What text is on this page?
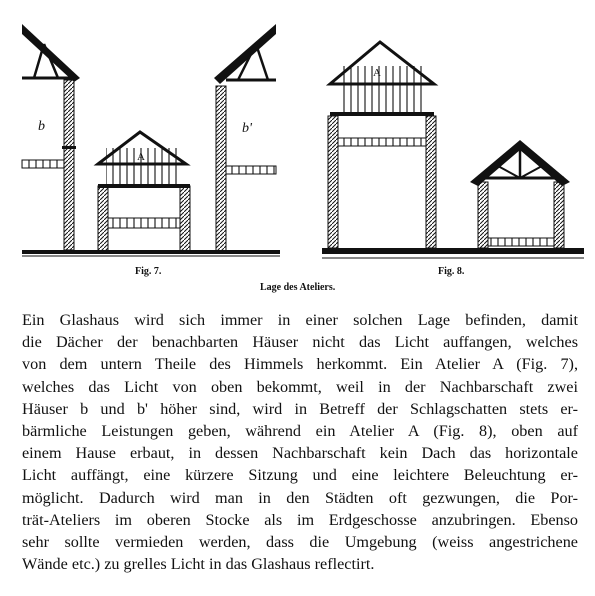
b
A
b'
A
Fig. 7.	Fig. 8.
Lage des Ateliers.
Ein Glashaus wird sich immer in einer solchen Lage befinden, damit
die Dächer der benachbarten Häuser nicht das Licht auffangen, welches
von dem untern Theile des Himmels herkommt. Ein Atelier A (Fig. 7),
welches das Licht von oben bekommt, weil in der Nachbarschaft zwei
Häuser b und b' höher sind, wird in Betreff der Schlagschatten stets er-
bärmliche Leistungen geben, während ein Atelier A (Fig. 8), oben auf
einem Hause erbaut, in dessen Nachbarschaft kein Dach das horizontale
Licht auffängt, eine kürzere Sitzung und eine leichtere Beleuchtung er-
möglicht. Dadurch wird man in den Städten oft gezwungen, die Por-
trät-Ateliers im oberen Stocke als im Erdgeschosse anzubringen. Ebenso
sehr sollte vermieden werden, dass die Umgebung (weiss angestrichene
Wände etc.) zu grelles Licht in das Glashaus reflectirt.
